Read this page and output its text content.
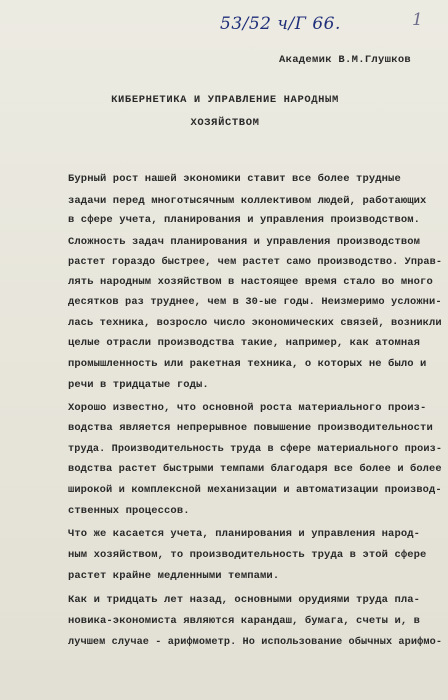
53/52 ч/Г 66.	1
Академик В.М.Глушков
КИБЕРНЕТИКА И УПРАВЛЕНИЕ НАРОДНЫМ
ХОЗЯЙСТВОМ
Бурный рост нашей экономики ставит все более трудные
задачи перед многотысячным коллективом людей, работающих
в сфере учета, планирования и управления производством.
Сложность задач планирования и управления производством
растет гораздо быстрее, чем растет само производство. Управ-
лять народным хозяйством в настоящее время стало во много
десятков раз труднее, чем в 30-ые годы. Неизмеримо усложни-
лась техника, возросло число экономических связей, возникли
целые отрасли производства такие, например, как атомная
промышленность или ракетная техника, о которых не было и
речи в тридцатые годы.
Хорошо известно, что основной роста материального произ-
водства является непрерывное повышение производительности
труда. Производительность труда в сфере материального произ-
водства растет быстрыми темпами благодаря все более и более
широкой и комплексной механизации и автоматизации производ-
ственных процессов.
Что же касается учета, планирования и управления народ-
ным хозяйством, то производительность труда в этой сфере
растет крайне медленными темпами.
Как и тридцать лет назад, основными орудиями труда пла-
новика-экономиста являются карандаш, бумага, счеты и, в
лучшем случае - арифмометр. Но использование обычных арифмо-
